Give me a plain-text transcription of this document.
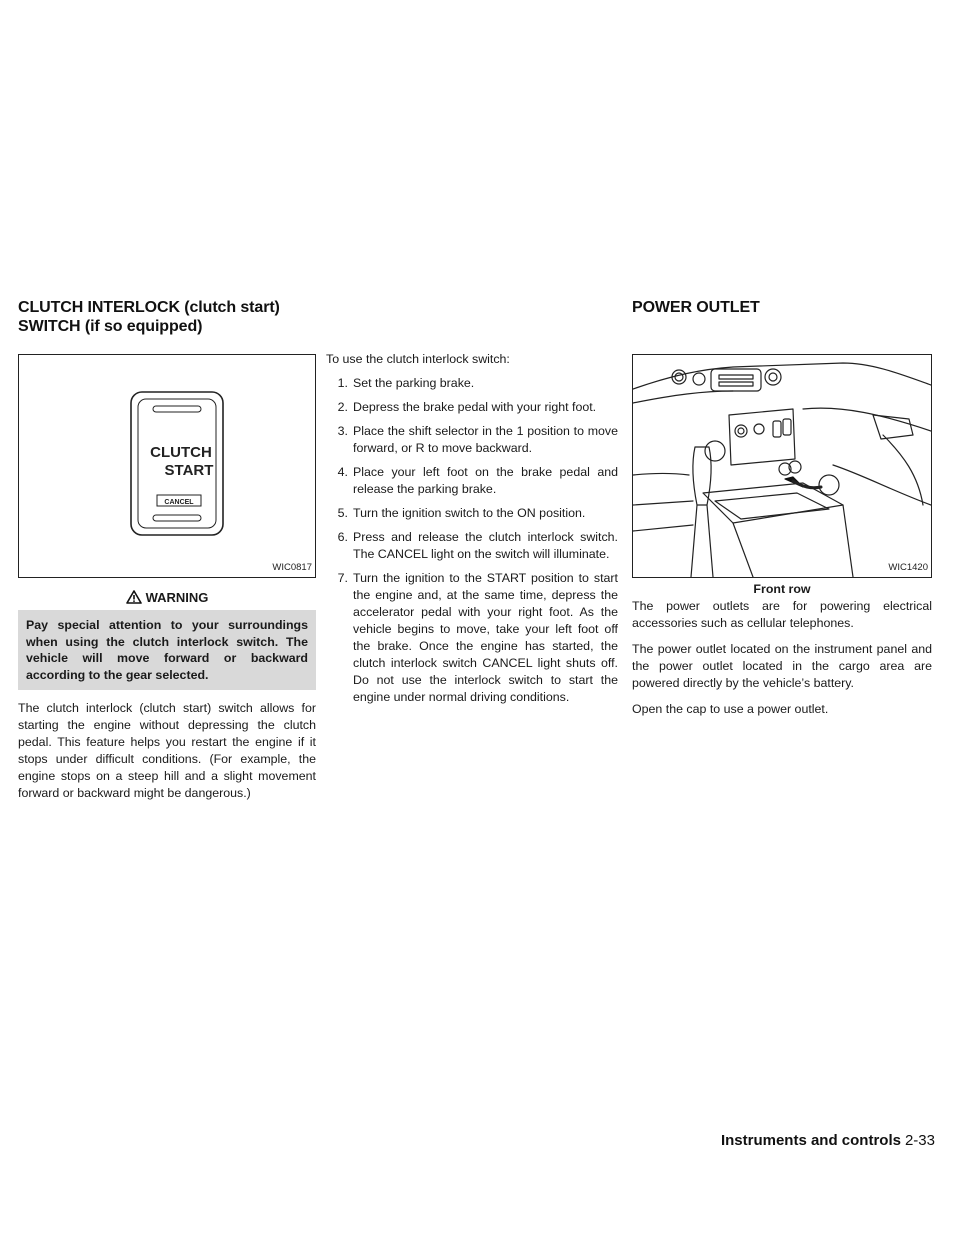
CLUTCH INTERLOCK (clutch start)
SWITCH (if so equipped)
POWER OUTLET
CLUTCH
START
CANCEL
WIC0817
WARNING
Pay special attention to your surroundings when using the clutch interlock switch. The vehicle will move forward or backward according to the gear selected.

The clutch interlock (clutch start) switch allows for starting the engine without depressing the clutch pedal. This feature helps you restart the engine if it stops under difficult conditions. (For example, the engine stops on a steep hill and a slight movement forward or backward might be dangerous.)

To use the clutch interlock switch:

1. Set the parking brake.
2. Depress the brake pedal with your right foot.
3. Place the shift selector in the 1 position to move forward, or R to move backward.
4. Place your left foot on the brake pedal and release the parking brake.
5. Turn the ignition switch to the ON position.
6. Press and release the clutch interlock switch. The CANCEL light on the switch will illuminate.
7. Turn the ignition to the START position to start the engine and, at the same time, depress the accelerator pedal with your right foot. As the vehicle begins to move, take your left foot off the brake. Once the engine has started, the clutch interlock switch CANCEL light shuts off. Do not use the interlock switch to start the engine under normal driving conditions.
WIC1420
Front row

The power outlets are for powering electrical accessories such as cellular telephones.

The power outlet located on the instrument panel and the power outlet located in the cargo area are powered directly by the vehicle’s battery.

Open the cap to use a power outlet.

Instruments and controls 2-33
